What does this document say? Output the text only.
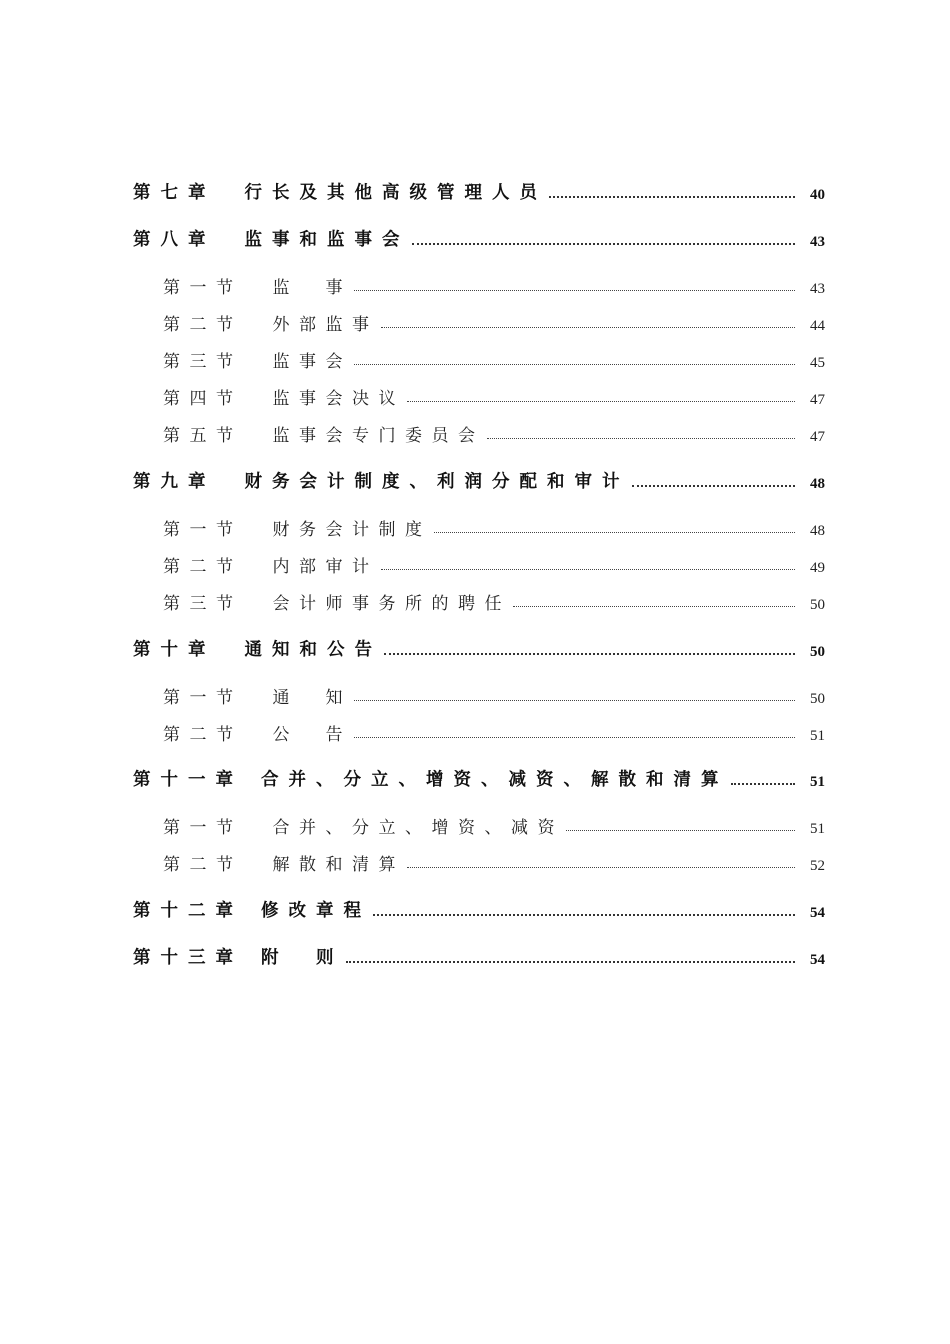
第七章 行长及其他高级管理人员	40
第八章 监事和监事会	43
第一节 监　事	43
第二节 外部监事	44
第三节 监事会	45
第四节 监事会决议	47
第五节 监事会专门委员会	47
第九章 财务会计制度、利润分配和审计	48
第一节 财务会计制度	48
第二节 内部审计	49
第三节 会计师事务所的聘任	50
第十章 通知和公告	50
第一节 通　知	50
第二节 公　告	51
第十一章 合并、分立、增资、减资、解散和清算	51
第一节 合并、分立、增资、减资	51
第二节 解散和清算	52
第十二章 修改章程	54
第十三章 附　则	54
